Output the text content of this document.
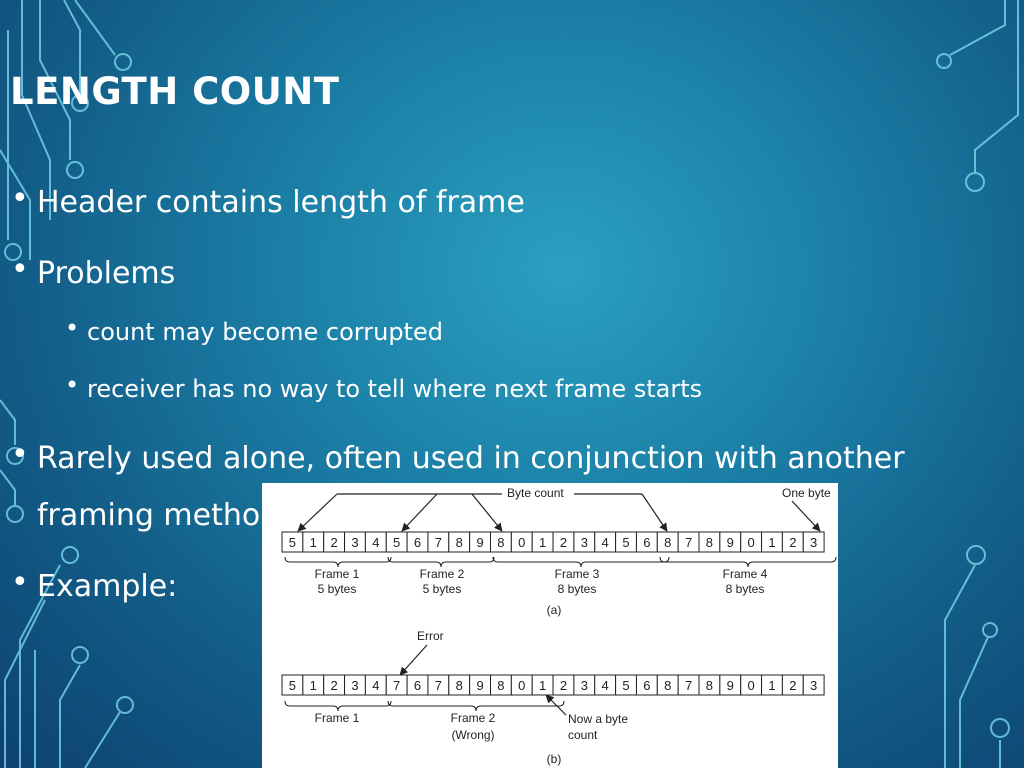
LENGTH COUNT
• Header contains length of frame
• Problems
• count may become corrupted
• receiver has no way to tell where next frame starts
• Rarely used alone, often used in conjunction with another
framing metho
• Example:
Byte count	One byte
5 1 2 3 4 5 6 7 8 9 8 0 1 2 3 4 5 6 8 7 8 9 0 1 2 3
Frame 1
5 bytes
Frame 2
5 bytes
Frame 3
8 bytes
Frame 4
8 bytes
(a)
Error
5 1 2 3 4 7 6 7 8 9 8 0 1 2 3 4 5 6 8 7 8 9 0 1 2 3
Frame 1	Frame 2
(Wrong)
Now a byte
count
(b)
